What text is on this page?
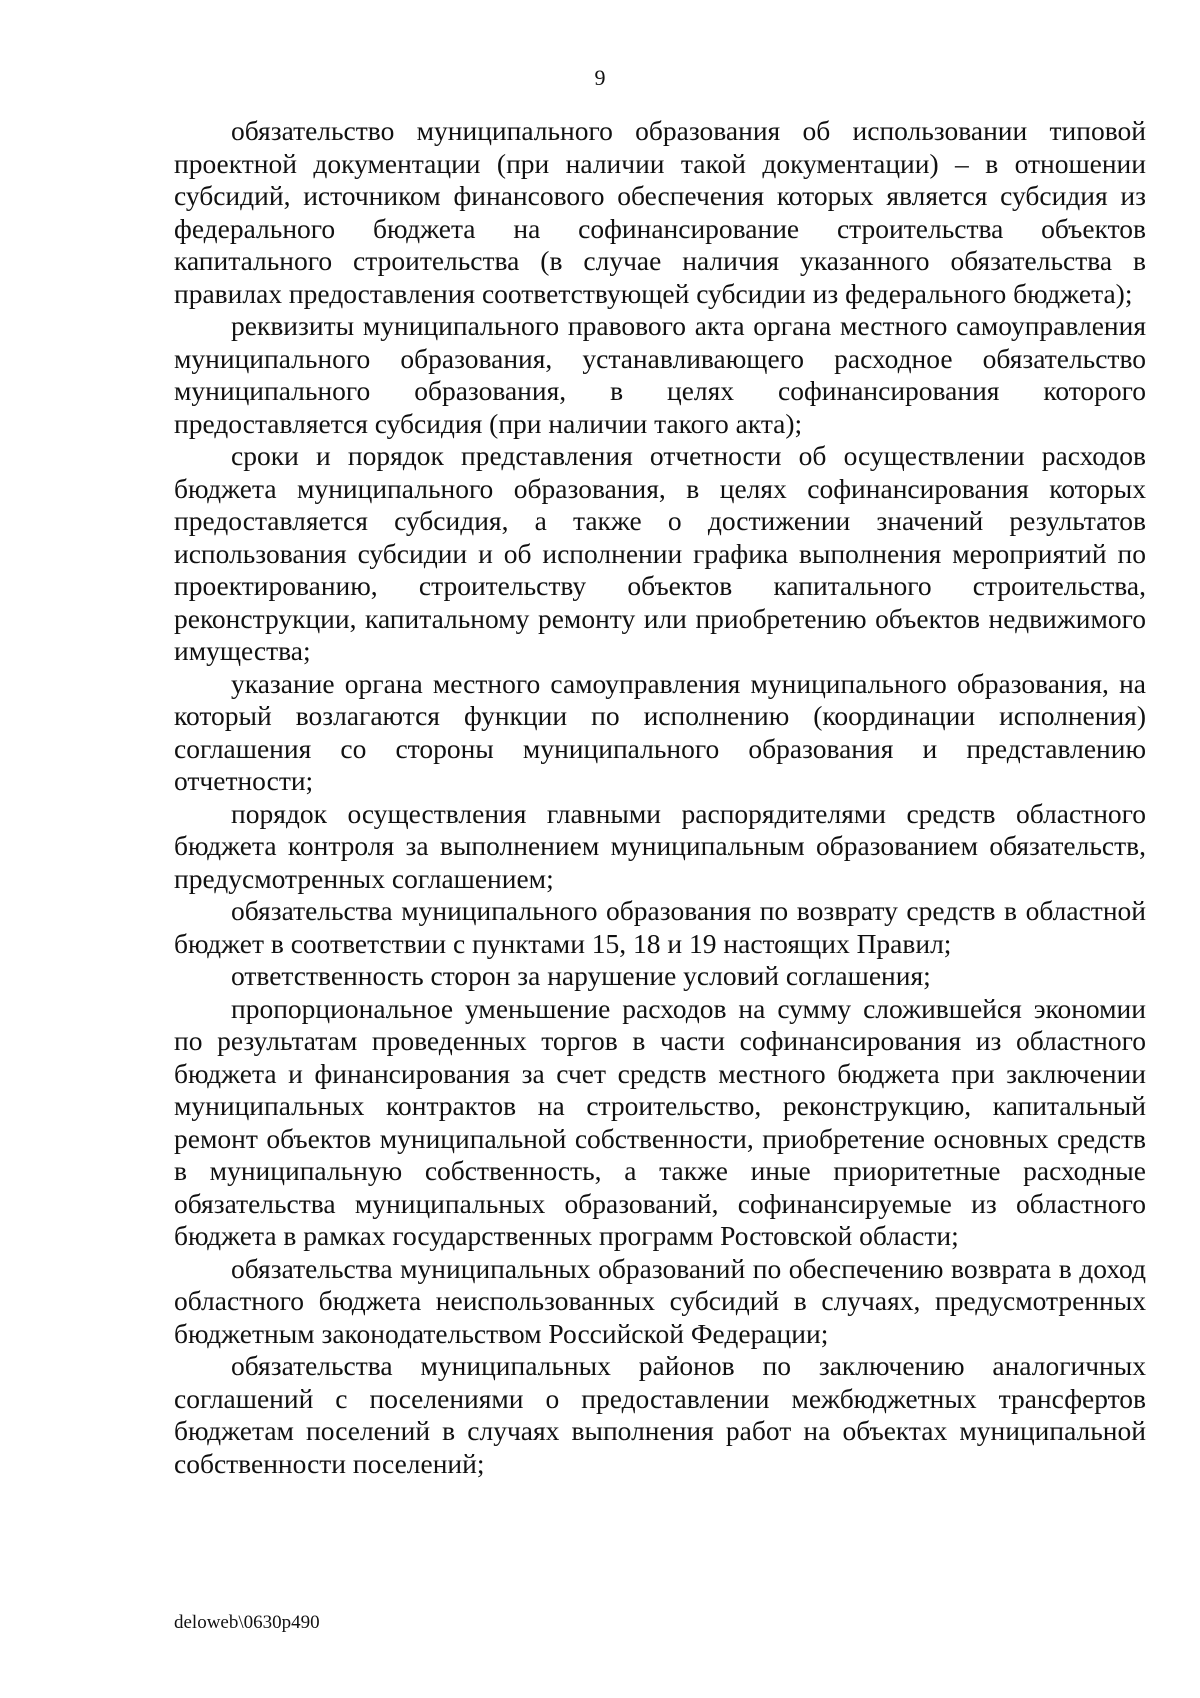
9

обязательство муниципального образования об использовании типовой проектной документации (при наличии такой документации) – в отношении субсидий, источником финансового обеспечения которых является субсидия из федерального бюджета на софинансирование строительства объектов капитального строительства (в случае наличия указанного обязательства в правилах предоставления соответствующей субсидии из федерального бюджета);

реквизиты муниципального правового акта органа местного самоуправления муниципального образования, устанавливающего расходное обязательство муниципального образования, в целях софинансирования которого предоставляется субсидия (при наличии такого акта);

сроки и порядок представления отчетности об осуществлении расходов бюджета муниципального образования, в целях софинансирования которых предоставляется субсидия, а также о достижении значений результатов использования субсидии и об исполнении графика выполнения мероприятий по проектированию, строительству объектов капитального строительства, реконструкции, капитальному ремонту или приобретению объектов недвижимого имущества;

указание органа местного самоуправления муниципального образования, на который возлагаются функции по исполнению (координации исполнения) соглашения со стороны муниципального образования и представлению отчетности;

порядок осуществления главными распорядителями средств областного бюджета контроля за выполнением муниципальным образованием обязательств, предусмотренных соглашением;

обязательства муниципального образования по возврату средств в областной бюджет в соответствии с пунктами 15, 18 и 19 настоящих Правил;

ответственность сторон за нарушение условий соглашения;

пропорциональное уменьшение расходов на сумму сложившейся экономии по результатам проведенных торгов в части софинансирования из областного бюджета и финансирования за счет средств местного бюджета при заключении муниципальных контрактов на строительство, реконструкцию, капитальный ремонт объектов муниципальной собственности, приобретение основных средств в муниципальную собственность, а также иные приоритетные расходные обязательства муниципальных образований, софинансируемые из областного бюджета в рамках государственных программ Ростовской области;

обязательства муниципальных образований по обеспечению возврата в доход областного бюджета неиспользованных субсидий в случаях, предусмотренных бюджетным законодательством Российской Федерации;

обязательства муниципальных районов по заключению аналогичных соглашений с поселениями о предоставлении межбюджетных трансфертов бюджетам поселений в случаях выполнения работ на объектах муниципальной собственности поселений;

deloweb\0630p490
